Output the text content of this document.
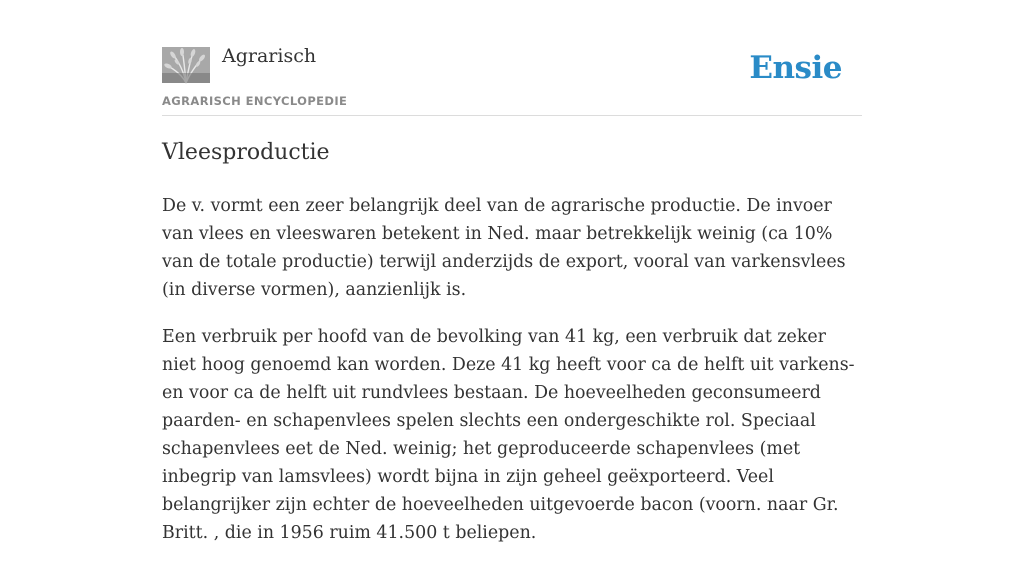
Agrarisch
AGRARISCH ENCYCLOPEDIE
Ensie
Vleesproductie

De v. vormt een zeer belangrijk deel van de agrarische productie. De invoer van vlees en vleeswaren betekent in Ned. maar betrekkelijk weinig (ca 10% van de totale productie) terwijl anderzijds de export, vooral van varkensvlees (in diverse vormen), aanzienlijk is.

Een verbruik per hoofd van de bevolking van 41 kg, een verbruik dat zeker niet hoog genoemd kan worden. Deze 41 kg heeft voor ca de helft uit varkens- en voor ca de helft uit rundvlees bestaan. De hoeveelheden geconsumeerd paarden- en schapenvlees spelen slechts een ondergeschikte rol. Speciaal schapenvlees eet de Ned. weinig; het geproduceerde schapenvlees (met inbegrip van lamsvlees) wordt bijna in zijn geheel geëxporteerd. Veel belangrijker zijn echter de hoeveelheden uitgevoerde bacon (voorn. naar Gr. Britt. , die in 1956 ruim 41.500 t beliepen.
